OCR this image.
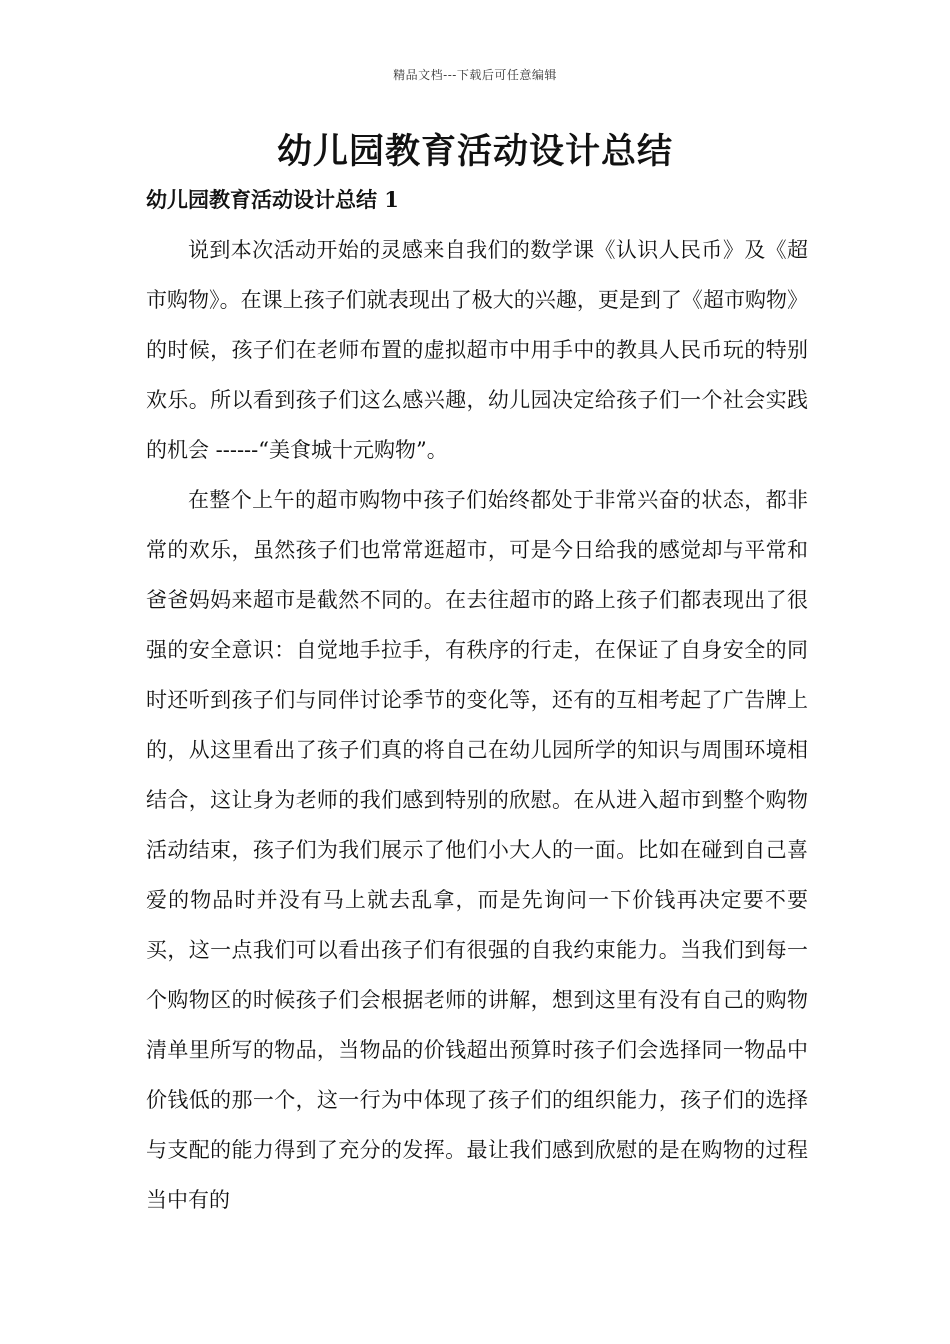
精品文档---下载后可任意编辑
幼儿园教育活动设计总结
幼儿园教育活动设计总结 1

说到本次活动开始的灵感来自我们的数学课《认识人民币》及《超市购物》。在课上孩子们就表现出了极大的兴趣，更是到了《超市购物》的时候，孩子们在老师布置的虚拟超市中用手中的教具人民币玩的特别欢乐。所以看到孩子们这么感兴趣，幼儿园决定给孩子们一个社会实践的机会 ------“美食城十元购物”。

在整个上午的超市购物中孩子们始终都处于非常兴奋的状态，都非常的欢乐，虽然孩子们也常常逛超市，可是今日给我的感觉却与平常和爸爸妈妈来超市是截然不同的。在去往超市的路上孩子们都表现出了很强的安全意识：自觉地手拉手，有秩序的行走，在保证了自身安全的同时还听到孩子们与同伴讨论季节的变化等，还有的互相考起了广告牌上的，从这里看出了孩子们真的将自己在幼儿园所学的知识与周围环境相结合，这让身为老师的我们感到特别的欣慰。在从进入超市到整个购物活动结束，孩子们为我们展示了他们小大人的一面。比如在碰到自己喜爱的物品时并没有马上就去乱拿，而是先询问一下价钱再决定要不要买，这一点我们可以看出孩子们有很强的自我约束能力。当我们到每一个购物区的时候孩子们会根据老师的讲解，想到这里有没有自己的购物清单里所写的物品，当物品的价钱超出预算时孩子们会选择同一物品中价钱低的那一个，这一行为中体现了孩子们的组织能力，孩子们的选择与支配的能力得到了充分的发挥。最让我们感到欣慰的是在购物的过程当中有的
